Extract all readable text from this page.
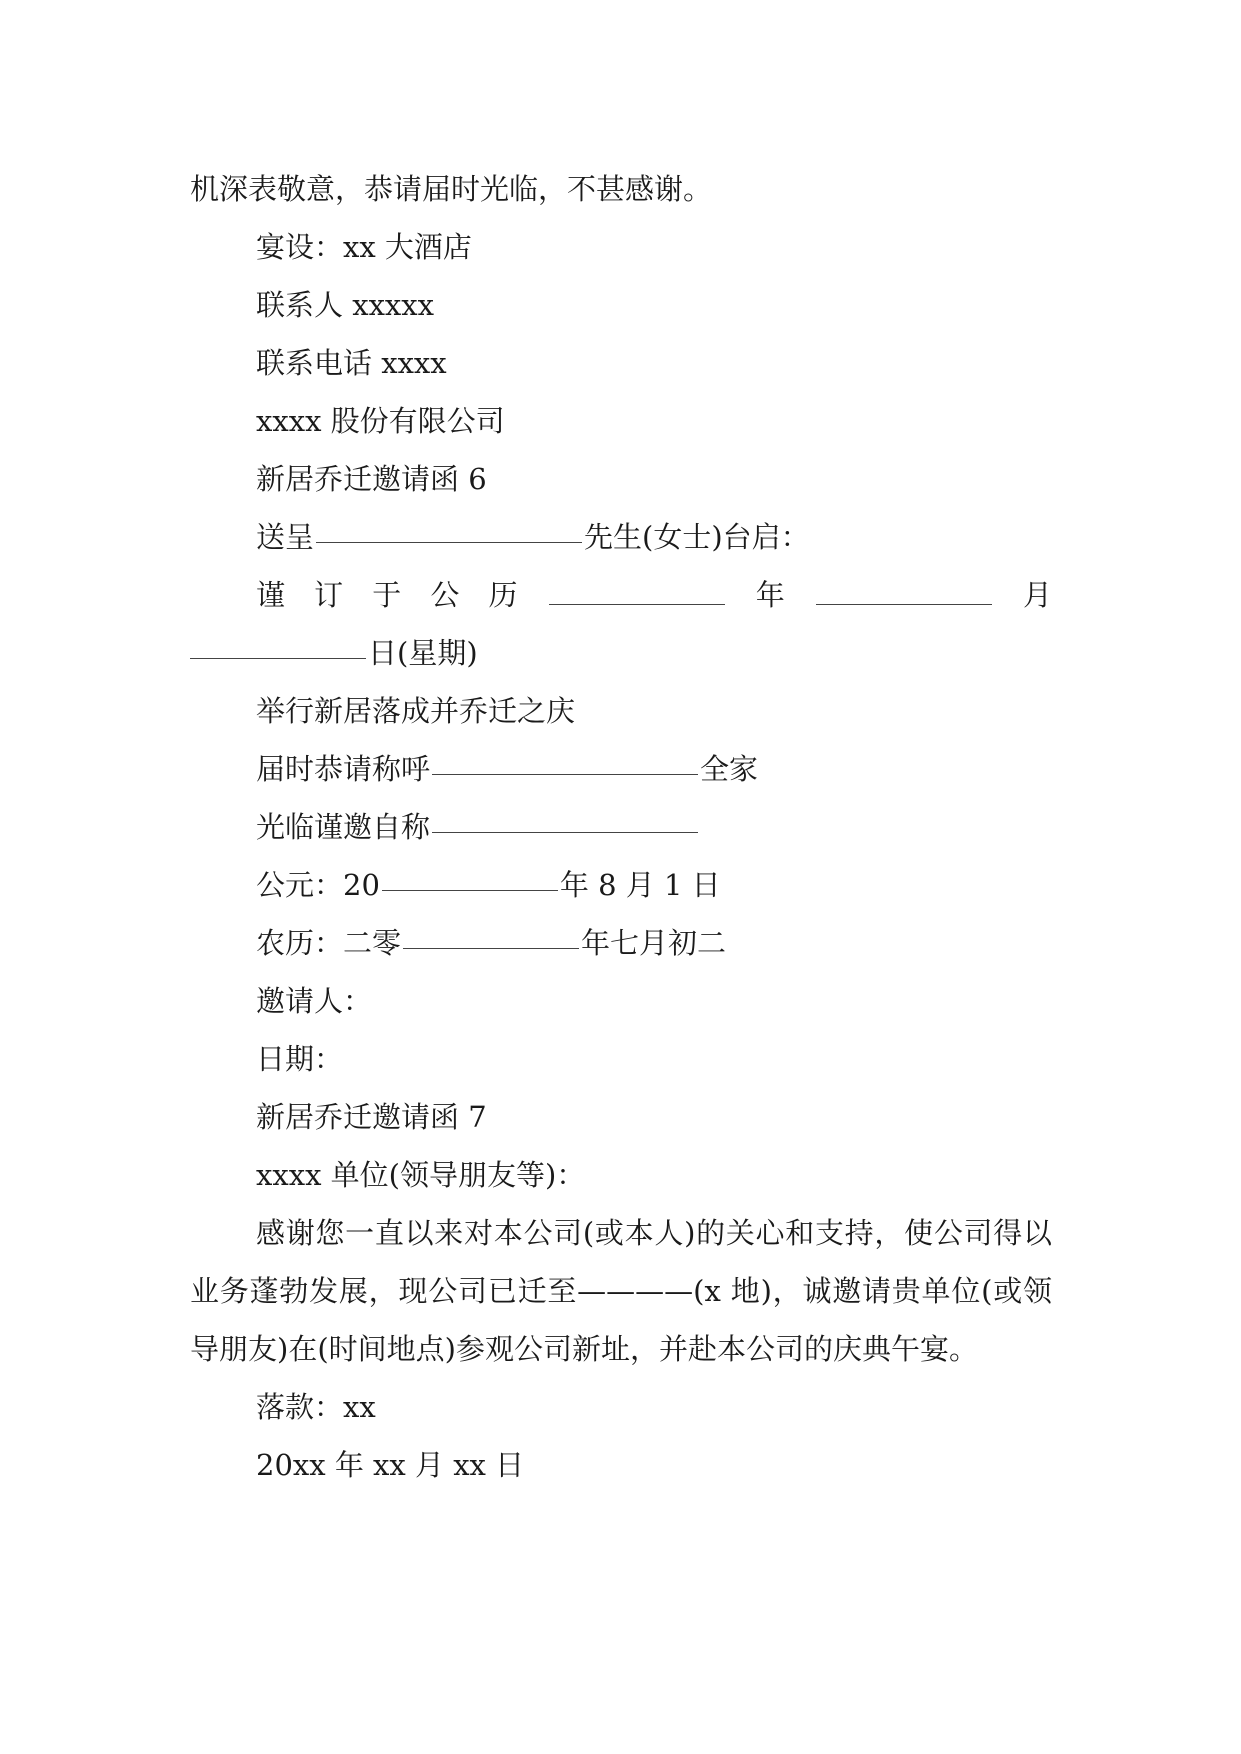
机深表敬意，恭请届时光临，不甚感谢。
宴设：xx 大酒店
联系人 xxxxx
联系电话 xxxx
xxxx 股份有限公司
新居乔迁邀请函 6
送呈	先生(女士)台启：
谨 订 于 公 历	年	月
日(星期)
举行新居落成并乔迁之庆
届时恭请称呼	全家
光临谨邀自称
公元：20	年 8 月 1 日
农历：二零	年七月初二
邀请人：
日期：
新居乔迁邀请函 7
xxxx 单位(领导朋友等)：

感谢您一直以来对本公司(或本人)的关心和支持，使公司得以业务蓬勃发展，现公司已迁至————(x 地)，诚邀请贵单位(或领导朋友)在(时间地点)参观公司新址，并赴本公司的庆典午宴。

落款：xx
20xx 年 xx 月 xx 日
